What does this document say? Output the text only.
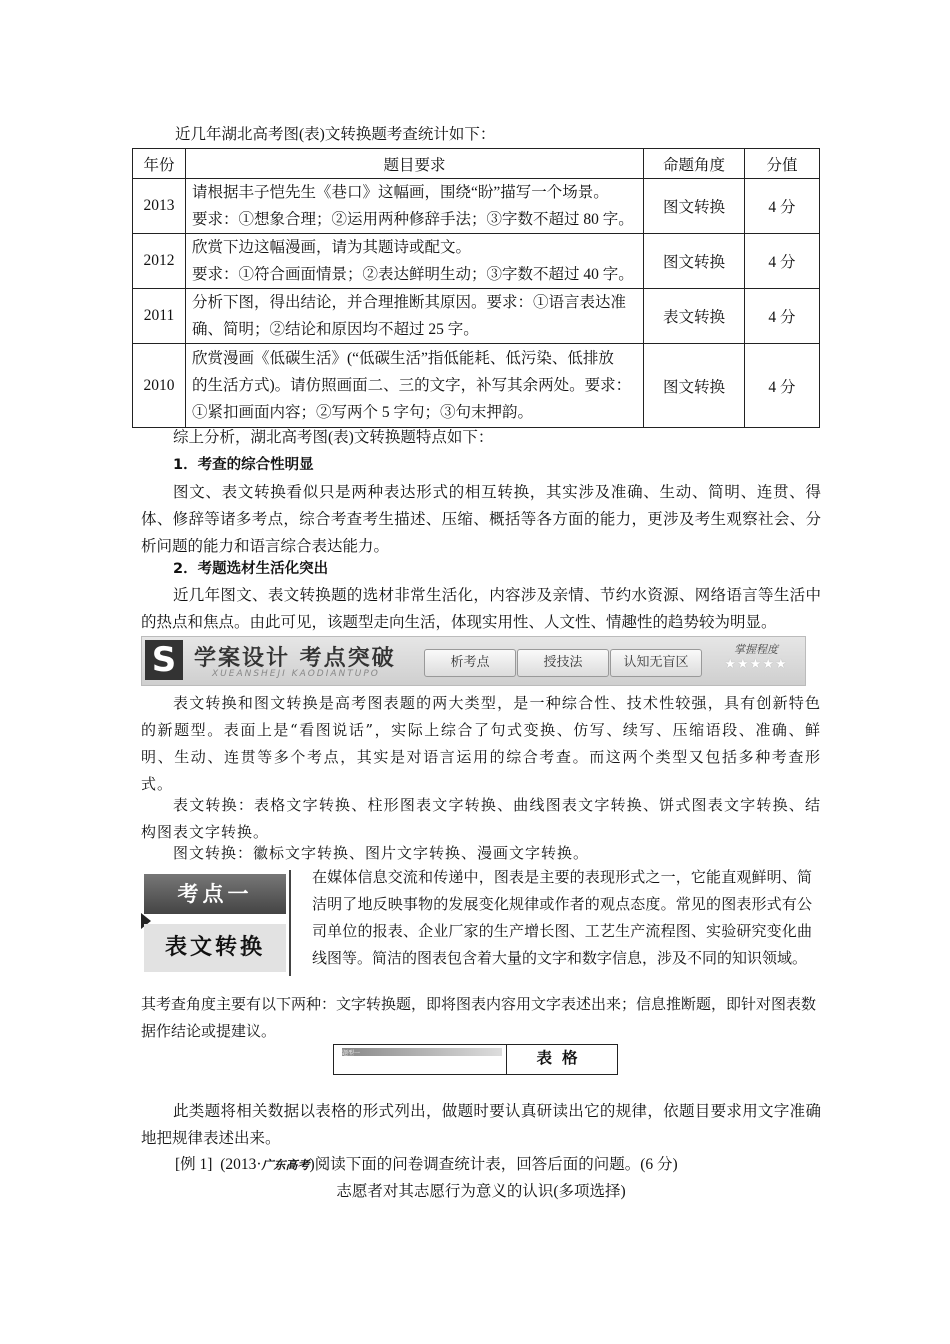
近几年湖北高考图(表)文转换题考查统计如下：
年份	题目要求	命题角度	分值
2013	请根据丰子恺先生《巷口》这幅画，围绕“盼”描写一个场景。
要求：①想象合理；②运用两种修辞手法；③字数不超过 80 字。	图文转换	4 分
2012	欣赏下边这幅漫画，请为其题诗或配文。
要求：①符合画面情景；②表达鲜明生动；③字数不超过 40 字。	图文转换	4 分
2011	分析下图，得出结论，并合理推断其原因。要求：①语言表达准
确、简明；②结论和原因均不超过 25 字。	表文转换	4 分
2010	欣赏漫画《低碳生活》(“低碳生活”指低能耗、低污染、低排放
的生活方式)。请仿照画面二、三的文字，补写其余两处。要求：
①紧扣画面内容；②写两个 5 字句；③句末押韵。	图文转换	4 分
综上分析，湖北高考图(表)文转换题特点如下：
1．考查的综合性明显
图文、表文转换看似只是两种表达形式的相互转换，其实涉及准确、生动、简明、连贯、得体、修辞等诸多考点，综合考查考生描述、压缩、概括等各方面的能力，更涉及考生观察社会、分析问题的能力和语言综合表达能力。
2．考题选材生活化突出
近几年图文、表文转换题的选材非常生活化，内容涉及亲情、节约水资源、网络语言等生活中的热点和焦点。由此可见，该题型走向生活，体现实用性、人文性、情趣性的趋势较为明显。
S 学案设计 考点突破
XUEANSHEJI KAODIANTUPO
析考点	授技法	认知无盲区
掌握程度
★★★★★
表文转换和图文转换是高考图表题的两大类型，是一种综合性、技术性较强，具有创新特色的新题型。表面上是“看图说话”，实际上综合了句式变换、仿写、续写、压缩语段、准确、鲜明、生动、连贯等多个考点，其实是对语言运用的综合考查。而这两个类型又包括多种考查形式。
表文转换：表格文字转换、柱形图表文字转换、曲线图表文字转换、饼式图表文字转换、结构图表文字转换。
图文转换：徽标文字转换、图片文字转换、漫画文字转换。
考点一
表文转换
在媒体信息交流和传递中，图表是主要的表现形式之一，它能直观鲜明、简洁明了地反映事物的发展变化规律或作者的观点态度。常见的图表形式有公司单位的报表、企业厂家的生产增长图、工艺生产流程图、实验研究变化曲线图等。简洁的图表包含着大量的文字和数字信息，涉及不同的知识领域。
其考查角度主要有以下两种：文字转换题，即将图表内容用文字表述出来；信息推断题，即针对图表数据作结论或提建议。
题型一	表格
此类题将相关数据以表格的形式列出，做题时要认真研读出它的规律，依题目要求用文字准确地把规律表述出来。
[例 1] (2013·广东高考)阅读下面的问卷调查统计表，回答后面的问题。(6 分)
志愿者对其志愿行为意义的认识(多项选择)
